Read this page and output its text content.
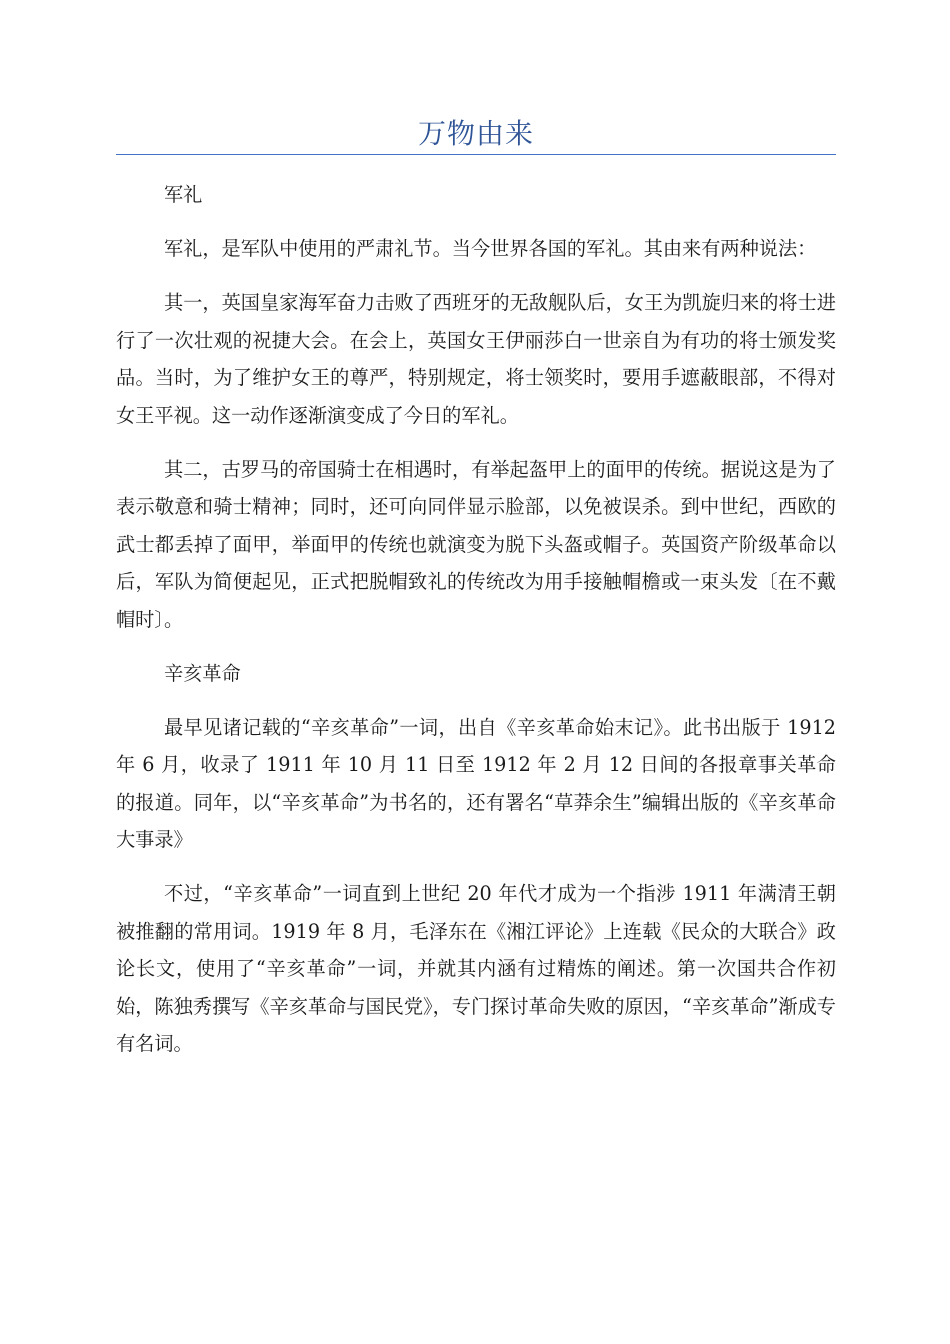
万物由来

军礼

军礼，是军队中使用的严肃礼节。当今世界各国的军礼。其由来有两种说法：

其一，英国皇家海军奋力击败了西班牙的无敌舰队后，女王为凯旋归来的将士进行了一次壮观的祝捷大会。在会上，英国女王伊丽莎白一世亲自为有功的将士颁发奖品。当时，为了维护女王的尊严，特别规定，将士领奖时，要用手遮蔽眼部，不得对女王平视。这一动作逐渐演变成了今日的军礼。

其二，古罗马的帝国骑士在相遇时，有举起盔甲上的面甲的传统。据说这是为了表示敬意和骑士精神；同时，还可向同伴显示脸部，以免被误杀。到中世纪，西欧的武士都丢掉了面甲，举面甲的传统也就演变为脱下头盔或帽子。英国资产阶级革命以后，军队为简便起见，正式把脱帽致礼的传统改为用手接触帽檐或一束头发〔在不戴帽时〕。

辛亥革命

最早见诸记载的“辛亥革命”一词，出自《辛亥革命始末记》。此书出版于 1912 年 6 月，收录了 1911 年 10 月 11 日至 1912 年 2 月 12 日间的各报章事关革命的报道。同年，以“辛亥革命”为书名的，还有署名“草莽余生”编辑出版的《辛亥革命大事录》

不过，“辛亥革命”一词直到上世纪 20 年代才成为一个指涉 1911 年满清王朝被推翻的常用词。1919 年 8 月，毛泽东在《湘江评论》上连载《民众的大联合》政论长文，使用了“辛亥革命”一词，并就其内涵有过精炼的阐述。第一次国共合作初始，陈独秀撰写《辛亥革命与国民党》，专门探讨革命失败的原因，“辛亥革命”渐成专有名词。
